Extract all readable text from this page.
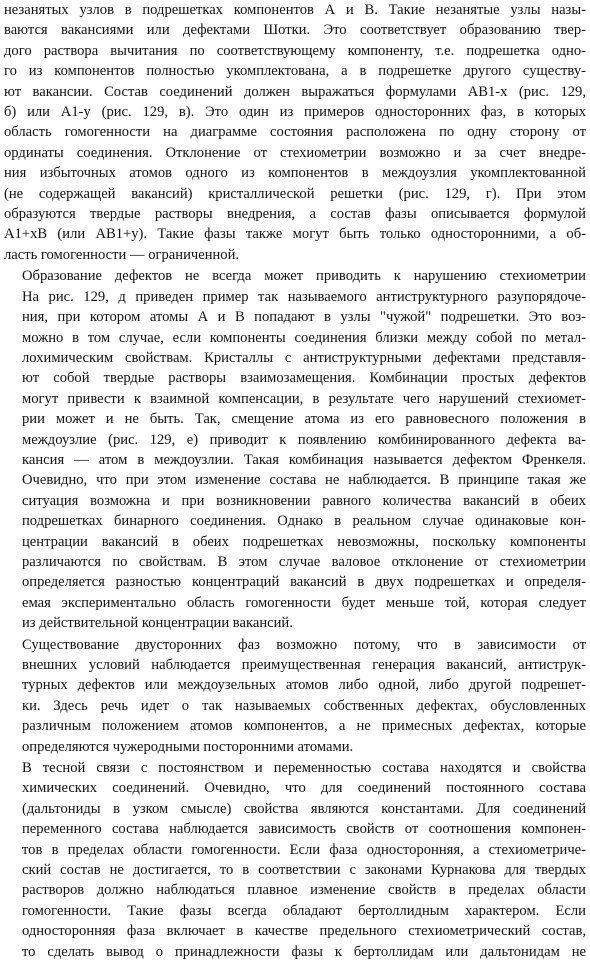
незанятых узлов в подрешетках компонентов А и В. Такие незанятые узлы назы-
ваются вакансиями или дефектами Шотки. Это соответствует образованию твер-
дого раствора вычитания по соответствующему компоненту, т.е. подрешетка одно-
го из компонентов полностью укомплектована, а в подрешетке другого существу-
ют вакансии. Состав соединений должен выражаться формулами AB1-x (рис. 129,
б) или A1-y (рис. 129, в). Это один из примеров односторонних фаз, в которых
область гомогенности на диаграмме состояния расположена по одну сторону от
ординаты соединения. Отклонение от стехиометрии возможно и за счет внедре-
ния избыточных атомов одного из компонентов в междоузлия укомплектованной
(не содержащей вакансий) кристаллической решетки (рис. 129, г). При этом
образуются твердые растворы внедрения, а состав фазы описывается формулой
A1+xB (или AB1+y). Такие фазы также могут быть только односторонними, а об-
ласть гомогенности — ограниченной.

Образование дефектов не всегда может приводить к нарушению стехиометрии
На рис. 129, д приведен пример так называемого антиструктурного разупорядоче-
ния, при котором атомы А и В попадают в узлы "чужой" подрешетки. Это воз-
можно в том случае, если компоненты соединения близки между собой по метал-
лохимическим свойствам. Кристаллы с антиструктурными дефектами представля-
ют собой твердые растворы взаимозамещения. Комбинации простых дефектов
могут привести к взаимной компенсации, в результате чего нарушений стехиомет-
рии может и не быть. Так, смещение атома из его равновесного положения в
междоузлие (рис. 129, е) приводит к появлению комбинированного дефекта ва-
кансия — атом в междоузлии. Такая комбинация называется дефектом Френкеля.
Очевидно, что при этом изменение состава не наблюдается. В принципе такая же
ситуация возможна и при возникновении равного количества вакансий в обеих
подрешетках бинарного соединения. Однако в реальном случае одинаковые кон-
центрации вакансий в обеих подрешетках невозможны, поскольку компоненты
различаются по свойствам. В этом случае валовое отклонение от стехиометрии
определяется разностью концентраций вакансий в двух подрешетках и определя-
емая экспериментально область гомогенности будет меньше той, которая следует
из действительной концентрации вакансий.

Существование двусторонних фаз возможно потому, что в зависимости от
внешних условий наблюдается преимущественная генерация вакансий, антиструк-
турных дефектов или междоузельных атомов либо одной, либо другой подрешет-
ки. Здесь речь идет о так называемых собственных дефектах, обусловленных
различным положением атомов компонентов, а не примесных дефектах, которые
определяются чужеродными посторонними атомами.

В тесной связи с постоянством и переменностью состава находятся и свойства
химических соединений. Очевидно, что для соединений постоянного состава
(дальтониды в узком смысле) свойства являются константами. Для соединений
переменного состава наблюдается зависимость свойств от соотношения компонен-
тов в пределах области гомогенности. Если фаза односторонняя, а стехиометриче-
ский состав не достигается, то в соответствии с законами Курнакова для твердых
растворов должно наблюдаться плавное изменение свойств в пределах области
гомогенности. Такие фазы всегда обладают бертоллидным характером. Если
односторонняя фаза включает в качестве предельного стехиометрический состав,
то сделать вывод о принадлежности фазы к бертоллидам или дальтонидам не
